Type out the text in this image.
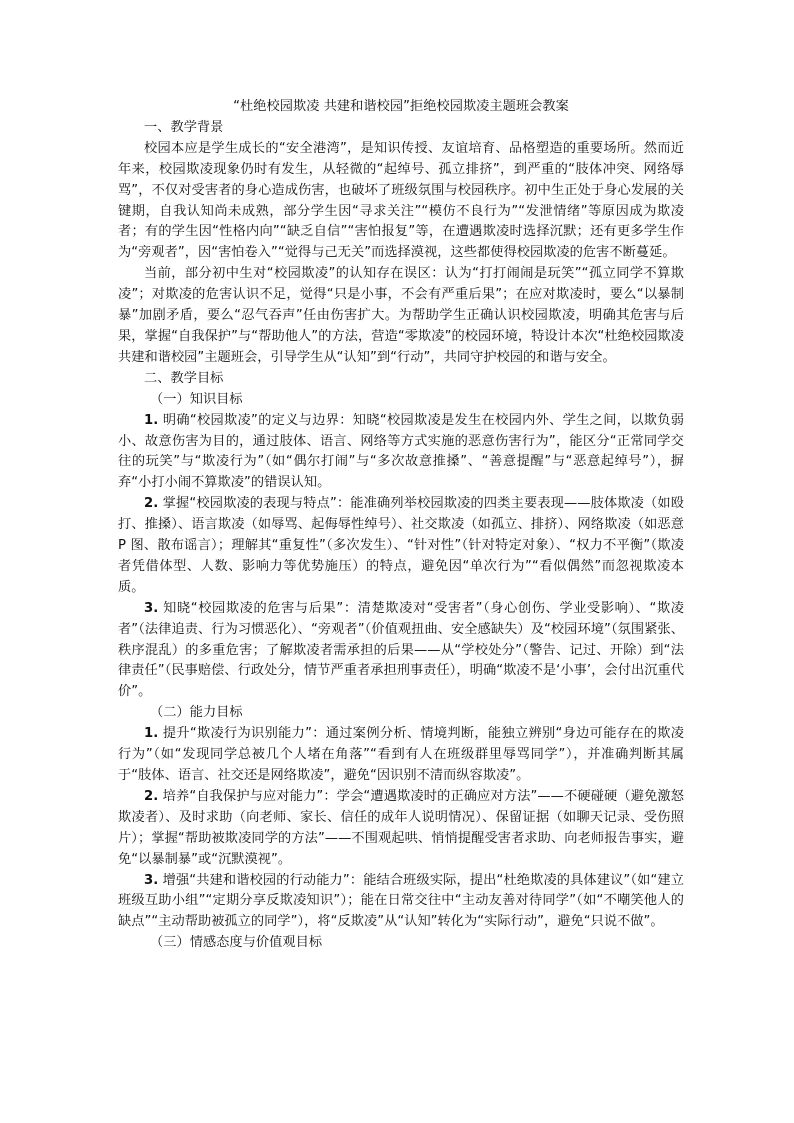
“杜绝校园欺凌 共建和谐校园”拒绝校园欺凌主题班会教案

一、教学背景

校园本应是学生成长的“安全港湾”，是知识传授、友谊培育、品格塑造的重要场所。然而近年来，校园欺凌现象仍时有发生，从轻微的“起绰号、孤立排挤”，到严重的“肢体冲突、网络辱骂”，不仅对受害者的身心造成伤害，也破坏了班级氛围与校园秩序。初中生正处于身心发展的关键期，自我认知尚未成熟，部分学生因“寻求关注”“模仿不良行为”“发泄情绪”等原因成为欺凌者；有的学生因“性格内向”“缺乏自信”“害怕报复”等，在遭遇欺凌时选择沉默；还有更多学生作为“旁观者”，因“害怕卷入”“觉得与己无关”而选择漠视，这些都使得校园欺凌的危害不断蔓延。

当前，部分初中生对“校园欺凌”的认知存在误区：认为“打打闹闹是玩笑”“孤立同学不算欺凌”；对欺凌的危害认识不足，觉得“只是小事，不会有严重后果”；在应对欺凌时，要么“以暴制暴”加剧矛盾，要么“忍气吞声”任由伤害扩大。为帮助学生正确认识校园欺凌，明确其危害与后果，掌握“自我保护”与“帮助他人”的方法，营造“零欺凌”的校园环境，特设计本次“杜绝校园欺凌 共建和谐校园”主题班会，引导学生从“认知”到“行动”，共同守护校园的和谐与安全。

二、教学目标

（一）知识目标

1. 明确“校园欺凌”的定义与边界：知晓“校园欺凌是发生在校园内外、学生之间，以欺负弱小、故意伤害为目的，通过肢体、语言、网络等方式实施的恶意伤害行为”，能区分“正常同学交往的玩笑”与“欺凌行为”（如“偶尔打闹”与“多次故意推搡”、“善意提醒”与“恶意起绰号”），摒弃“小打小闹不算欺凌”的错误认知。

2. 掌握“校园欺凌的表现与特点”：能准确列举校园欺凌的四类主要表现——肢体欺凌（如殴打、推搡）、语言欺凌（如辱骂、起侮辱性绰号）、社交欺凌（如孤立、排挤）、网络欺凌（如恶意 P 图、散布谣言）；理解其“重复性”（多次发生）、“针对性”（针对特定对象）、“权力不平衡”（欺凌者凭借体型、人数、影响力等优势施压）的特点，避免因“单次行为”“看似偶然”而忽视欺凌本质。

3. 知晓“校园欺凌的危害与后果”：清楚欺凌对“受害者”（身心创伤、学业受影响）、“欺凌者”（法律追责、行为习惯恶化）、“旁观者”（价值观扭曲、安全感缺失）及“校园环境”（氛围紧张、秩序混乱）的多重危害；了解欺凌者需承担的后果——从“学校处分”（警告、记过、开除）到“法律责任”（民事赔偿、行政处分，情节严重者承担刑事责任），明确“欺凌不是‘小事’，会付出沉重代价”。

（二）能力目标

1. 提升“欺凌行为识别能力”：通过案例分析、情境判断，能独立辨别“身边可能存在的欺凌行为”（如“发现同学总被几个人堵在角落”“看到有人在班级群里辱骂同学”），并准确判断其属于“肢体、语言、社交还是网络欺凌”，避免“因识别不清而纵容欺凌”。

2. 培养“自我保护与应对能力”：学会“遭遇欺凌时的正确应对方法”——不硬碰硬（避免激怒欺凌者）、及时求助（向老师、家长、信任的成年人说明情况）、保留证据（如聊天记录、受伤照片）；掌握“帮助被欺凌同学的方法”——不围观起哄、悄悄提醒受害者求助、向老师报告事实，避免“以暴制暴”或“沉默漠视”。

3. 增强“共建和谐校园的行动能力”：能结合班级实际，提出“杜绝欺凌的具体建议”（如“建立班级互助小组”“定期分享反欺凌知识”）；能在日常交往中“主动友善对待同学”（如“不嘲笑他人的缺点”“主动帮助被孤立的同学”），将“反欺凌”从“认知”转化为“实际行动”，避免“只说不做”。

（三）情感态度与价值观目标
